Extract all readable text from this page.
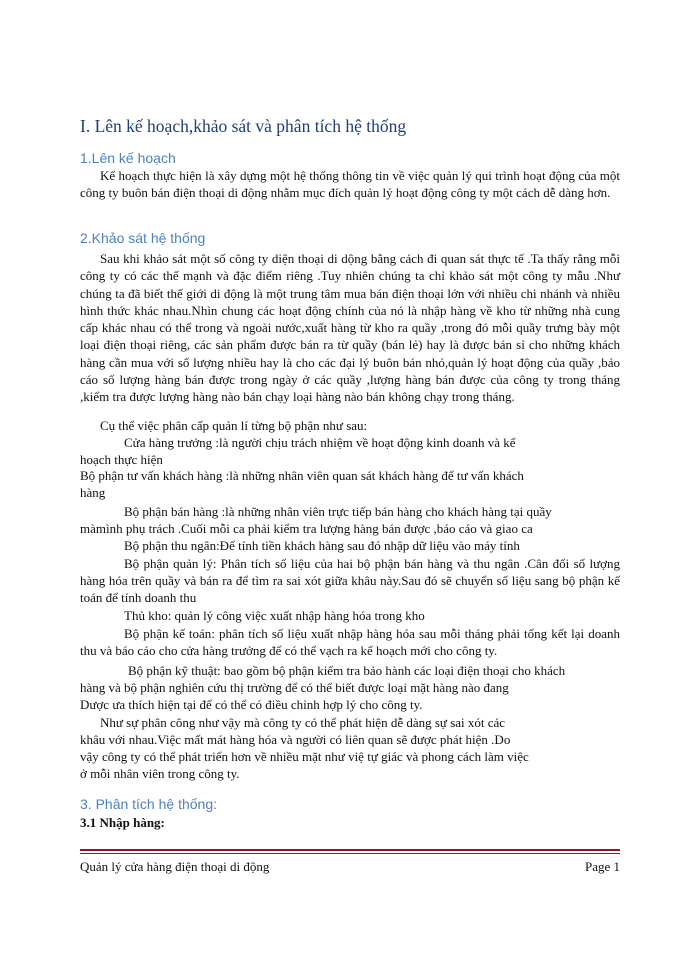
I. Lên kế hoạch,khảo sát và phân tích hệ thống
1.Lên kế hoạch
Kế hoạch thực hiện là xây dựng một hệ thống thông tin về việc quản lý qui trình hoạt động của một công ty buôn bán điện thoại di động nhằm mục đích quản lý hoạt động công ty một cách dễ dàng hơn.
2.Khảo sát hệ thống
Sau khi khảo sát một số công ty diện thoại di dộng bằng cách đi quan sát thực tế .Ta thấy rằng mỗi công ty có các thế mạnh và đặc điểm riêng .Tuy nhiên chúng ta chỉ khảo sát một công ty mẫu .Như chúng ta đã biết thế giới di động là một trung tâm mua bán điện thoại lớn với nhiều chi nhánh và nhiều hình thức khác nhau.Nhìn chung các hoạt động chính của nó là nhập hàng về kho từ những nhà cung cấp khác nhau có thể trong và ngoài nước,xuất hàng từ kho ra quầy ,trong đó mỗi quầy trưng bày một loại điện thoại riêng, các sản phẩm được bán ra từ quầy (bán lẻ) hay là được bán sỉ cho những khách hàng cần mua với số lượng nhiều hay là cho các đại lý buôn bán nhỏ,quản lý hoạt động của quầy ,báo cáo số lượng hàng bán được trong ngày ở các quầy ,lượng hàng bán được của công ty trong tháng ,kiểm tra được lượng hàng nào bán chạy loại hàng nào bán không chạy trong tháng.
Cụ thể việc phân cấp quản lí từng bộ phận như sau:
Cửa hàng trưởng :là người chịu trách nhiệm về hoạt động kinh doanh và kế
hoạch thực hiện
Bộ phận tư vấn khách hàng :là những nhân viên quan sát khách hàng để tư vấn khách
hàng
Bộ phận bán hàng :là những nhân viên trực tiếp bán hàng cho khách hàng tại quầy
màmình phụ trách .Cuối mỗi ca phải kiểm tra lượng hàng bán được ,báo cáo và giao ca
Bộ phận thu ngân:Để tính tiền khách hàng sau đó nhập dữ liệu vào máy tính
Bộ phận quản lý: Phân tích số liệu của hai bộ phận bán hàng và thu ngân .Cân đối số lượng hàng hóa trên quầy và bán ra để tìm ra sai xót giữa khâu này.Sau đó sẽ chuyển số liệu sang bộ phận kế toán để tính doanh thu
Thủ kho: quản lý công việc xuất nhập hàng hóa trong kho
Bộ phận kế toán: phân tích số liệu xuất nhập hàng hóa sau mỗi tháng phải tổng kết lại doanh thu và báo cáo cho cửa hàng trưởng để có thể vạch ra kế hoạch mới cho công ty.
Bộ phận kỹ thuật: bao gồm bộ phận kiểm tra bảo hành các loại điện thoại cho khách
hàng và bộ phận nghiên cứu thị trường để có thể biết được loại mặt hàng nào đang
Dược ưa thích hiện tại để có thể có điều chỉnh hợp lý cho công ty.
Như sự phân công như vậy mà công ty có thể phát hiện dễ dàng sự sai xót các
khâu với nhau.Việc mất mát hàng hóa và người có liên quan sẽ được phát hiện .Do
vậy công ty có thể phát triển hơn về nhiều mặt như việ tự giác và phong cách làm việc
ở mỗi nhân viên trong công ty.
3. Phân tích hệ thống:
3.1 Nhập hàng:
Quản lý cửa hàng điện thoại di động	Page 1
